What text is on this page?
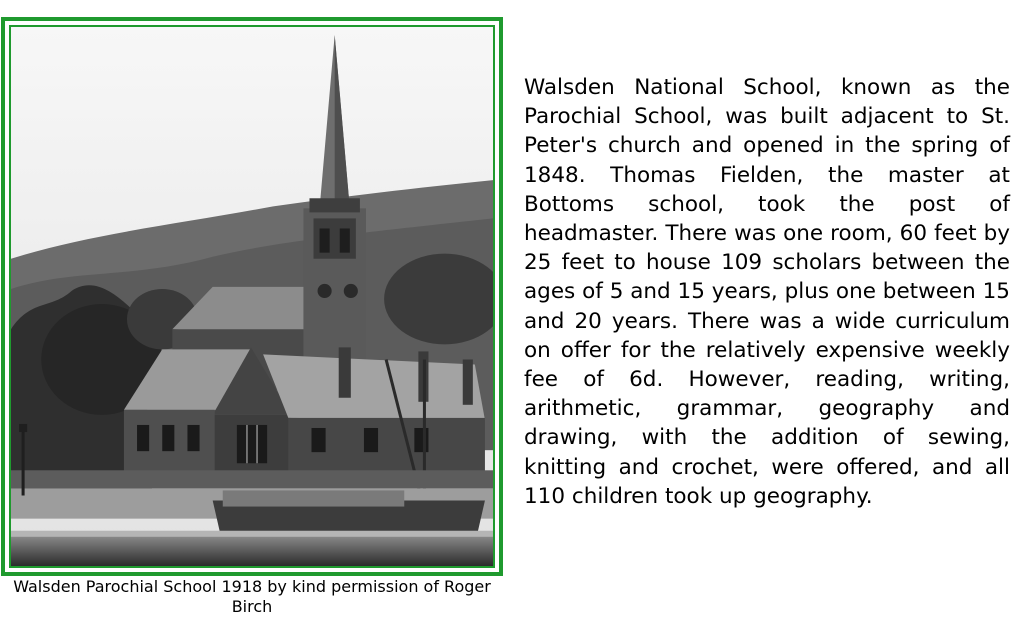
Walsden Parochial School 1918 by kind permission of Roger Birch

Walsden National School, known as the Parochial School, was built adjacent to St. Peter's church and opened in the spring of 1848. Thomas Fielden, the master at Bottoms school, took the post of headmaster. There was one room, 60 feet by 25 feet to house 109 scholars between the ages of 5 and 15 years, plus one between 15 and 20 years. There was a wide curriculum on offer for the relatively expensive weekly fee of 6d. However, reading, writing, arithmetic, grammar, geography and drawing, with the addition of sewing, knitting and crochet, were offered, and all 110 children took up geography.
